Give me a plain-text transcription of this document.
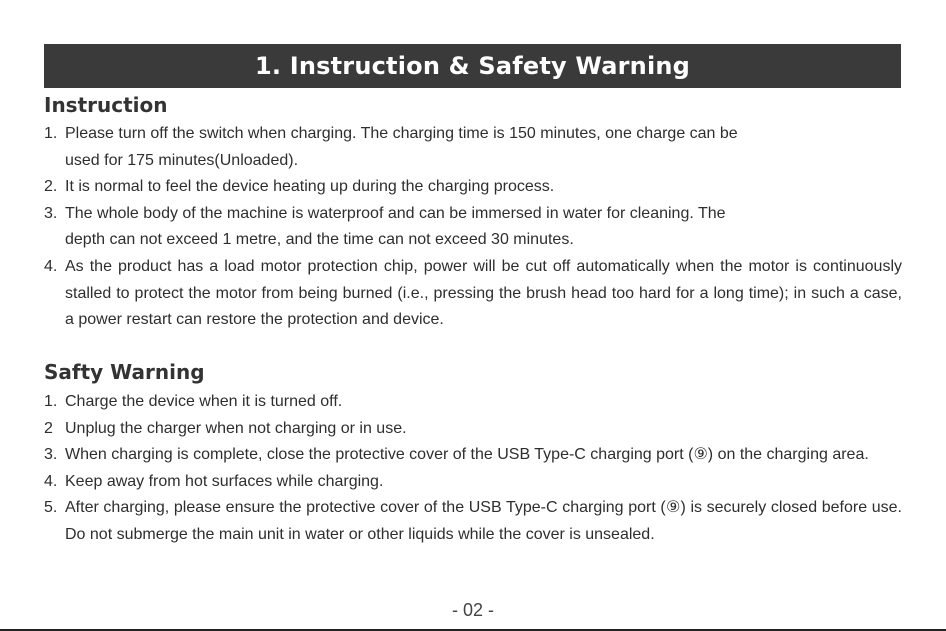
1. Instruction & Safety Warning
Instruction
1. Please turn off the switch when charging. The charging time is 150 minutes, one charge can be
used for 175 minutes(Unloaded).
2. It is normal to feel the device heating up during the charging process.
3. The whole body of the machine is waterproof and can be immersed in water for cleaning. The
depth can not exceed 1 metre, and the time can not exceed 30 minutes.
4. As the product has a load motor protection chip, power will be cut off automatically when the motor is continuously stalled to protect the motor from being burned (i.e., pressing the brush head too hard for a long time); in such a case, a power restart can restore the protection and device.
Safty Warning
1. Charge the device when it is turned off.
2 Unplug the charger when not charging or in use.
3. When charging is complete, close the protective cover of the USB Type-C charging port (⑨) on the charging area.
4. Keep away from hot surfaces while charging.
5. After charging, please ensure the protective cover of the USB Type-C charging port (⑨) is securely closed before use. Do not submerge the main unit in water or other liquids while the cover is unsealed.
- 02 -
